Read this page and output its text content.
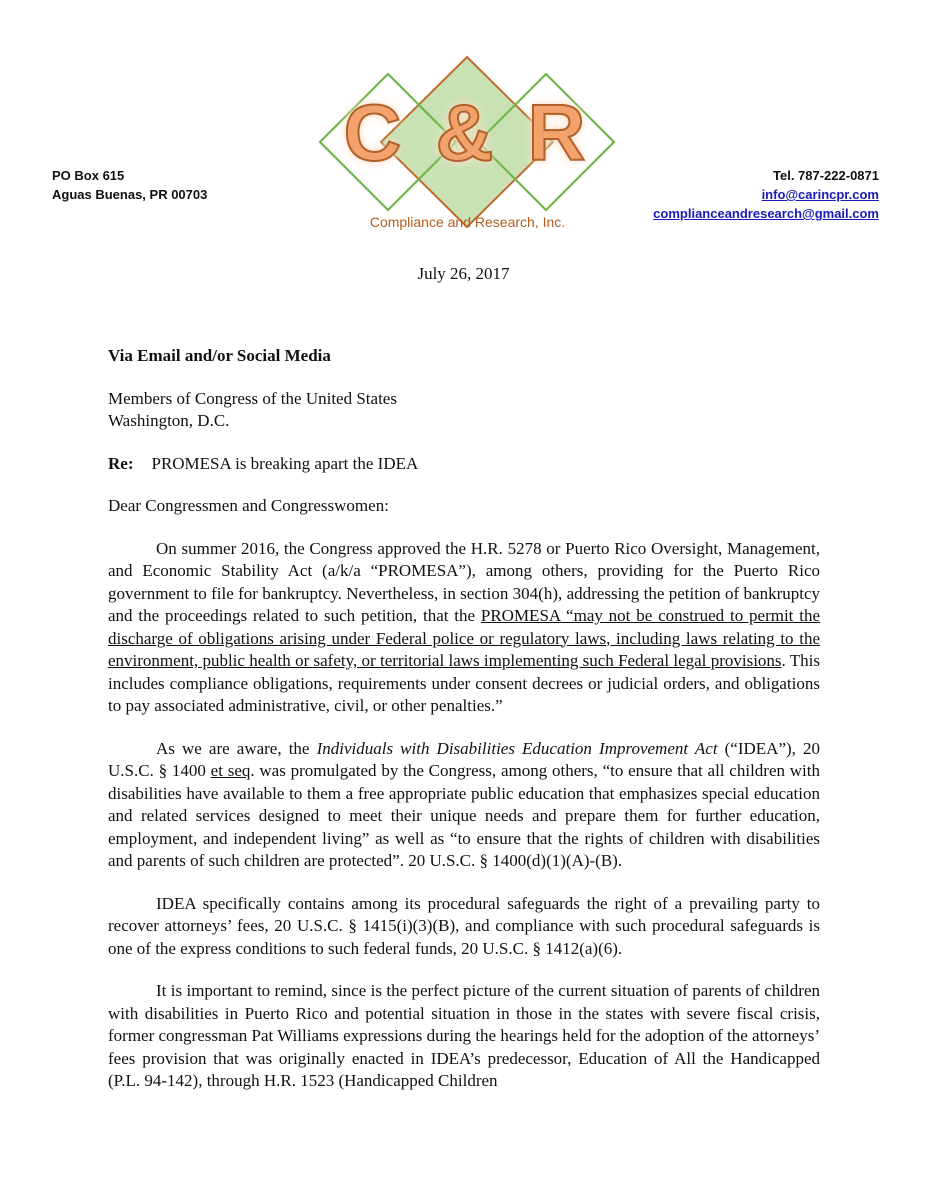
PO Box 615
Aguas Buenas, PR 00703
C & R
Compliance and Research, Inc.
Tel. 787-222-0871
info@carincpr.com
complianceandresearch@gmail.com
July 26, 2017

Via Email and/or Social Media

Members of Congress of the United States

Washington, D.C.

Re: PROMESA is breaking apart the IDEA

Dear Congressmen and Congresswomen:

On summer 2016, the Congress approved the H.R. 5278 or Puerto Rico Oversight, Management, and Economic Stability Act (a/k/a “PROMESA”), among others, providing for the Puerto Rico government to file for bankruptcy. Nevertheless, in section 304(h), addressing the petition of bankruptcy and the proceedings related to such petition, that the PROMESA “may not be construed to permit the discharge of obligations arising under Federal police or regulatory laws, including laws relating to the environment, public health or safety, or territorial laws implementing such Federal legal provisions. This includes compliance obligations, requirements under consent decrees or judicial orders, and obligations to pay associated administrative, civil, or other penalties.”

As we are aware, the Individuals with Disabilities Education Improvement Act (“IDEA”), 20 U.S.C. § 1400 et seq. was promulgated by the Congress, among others, “to ensure that all children with disabilities have available to them a free appropriate public education that emphasizes special education and related services designed to meet their unique needs and prepare them for further education, employment, and independent living” as well as “to ensure that the rights of children with disabilities and parents of such children are protected”. 20 U.S.C. § 1400(d)(1)(A)-(B).

IDEA specifically contains among its procedural safeguards the right of a prevailing party to recover attorneys’ fees, 20 U.S.C. § 1415(i)(3)(B), and compliance with such procedural safeguards is one of the express conditions to such federal funds, 20 U.S.C. § 1412(a)(6).

It is important to remind, since is the perfect picture of the current situation of parents of children with disabilities in Puerto Rico and potential situation in those in the states with severe fiscal crisis, former congressman Pat Williams expressions during the hearings held for the adoption of the attorneys’ fees provision that was originally enacted in IDEA’s predecessor, Education of All the Handicapped (P.L. 94-142), through H.R. 1523 (Handicapped Children
